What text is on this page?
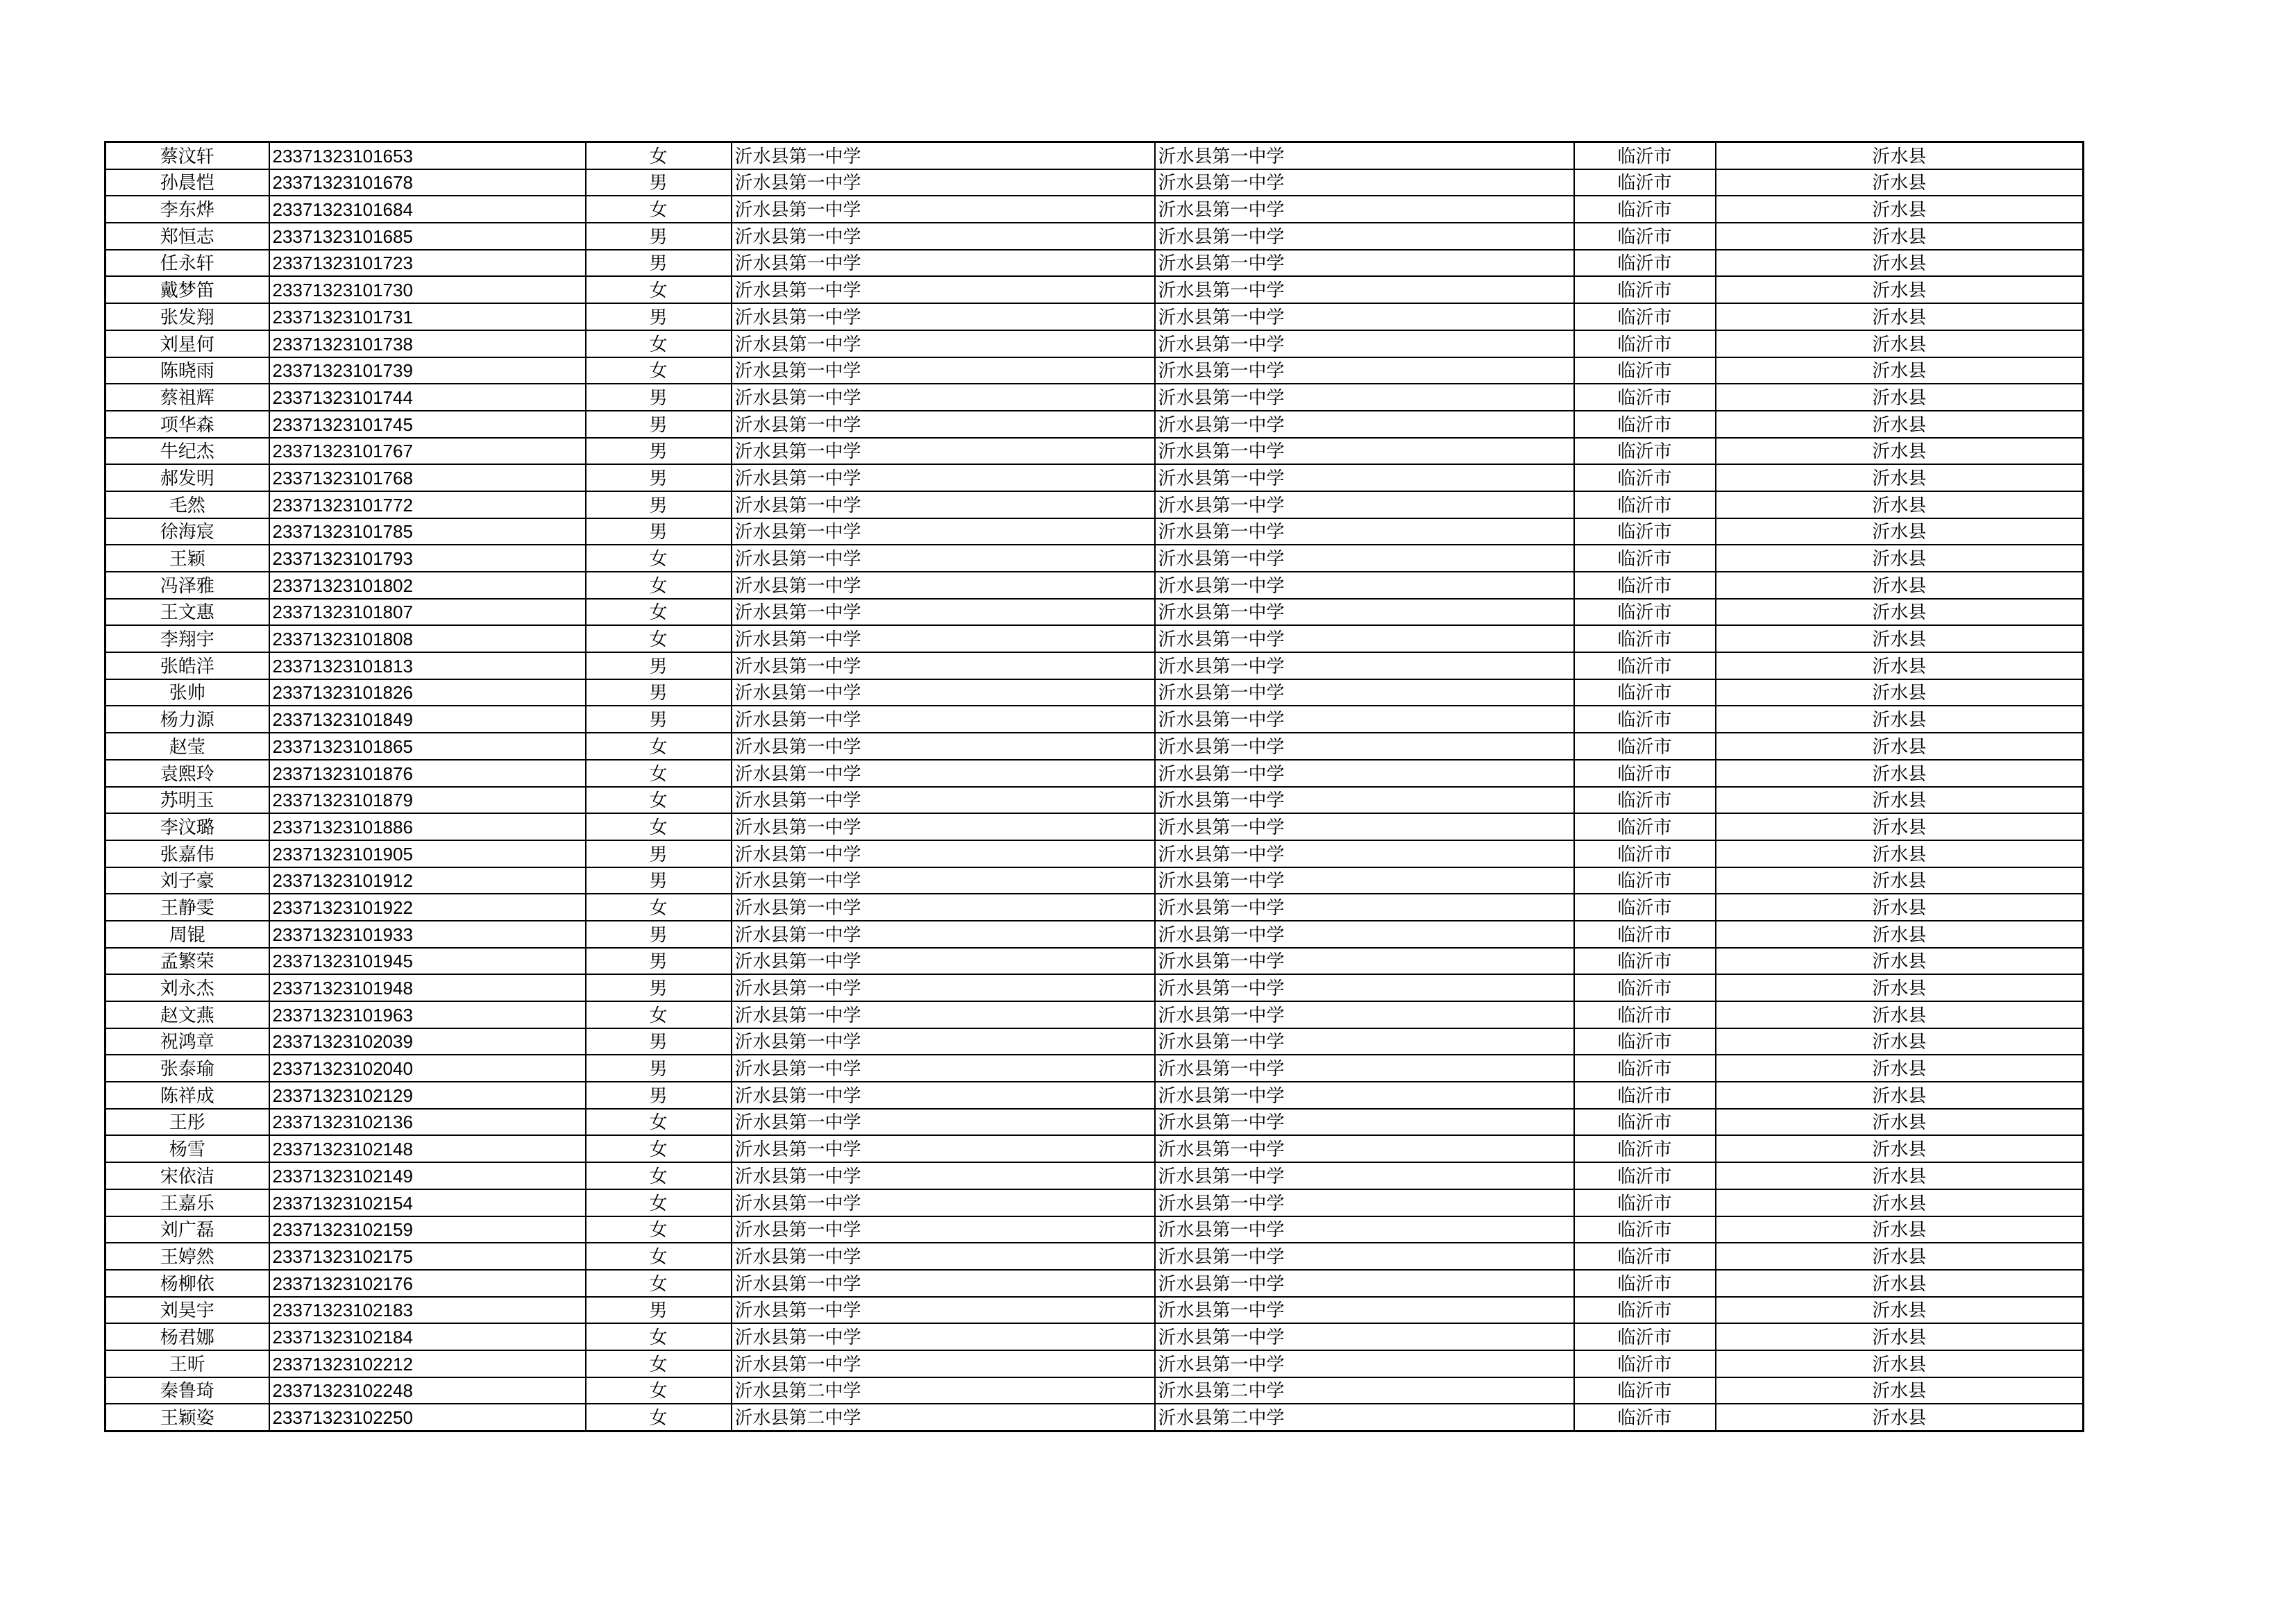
蔡汶轩	23371323101653	女	沂水县第一中学	沂水县第一中学	临沂市	沂水县
孙晨恺	23371323101678	男	沂水县第一中学	沂水县第一中学	临沂市	沂水县
李东烨	23371323101684	女	沂水县第一中学	沂水县第一中学	临沂市	沂水县
郑恒志	23371323101685	男	沂水县第一中学	沂水县第一中学	临沂市	沂水县
任永轩	23371323101723	男	沂水县第一中学	沂水县第一中学	临沂市	沂水县
戴梦笛	23371323101730	女	沂水县第一中学	沂水县第一中学	临沂市	沂水县
张发翔	23371323101731	男	沂水县第一中学	沂水县第一中学	临沂市	沂水县
刘星何	23371323101738	女	沂水县第一中学	沂水县第一中学	临沂市	沂水县
陈晓雨	23371323101739	女	沂水县第一中学	沂水县第一中学	临沂市	沂水县
蔡祖辉	23371323101744	男	沂水县第一中学	沂水县第一中学	临沂市	沂水县
项华森	23371323101745	男	沂水县第一中学	沂水县第一中学	临沂市	沂水县
牛纪杰	23371323101767	男	沂水县第一中学	沂水县第一中学	临沂市	沂水县
郝发明	23371323101768	男	沂水县第一中学	沂水县第一中学	临沂市	沂水县
毛然	23371323101772	男	沂水县第一中学	沂水县第一中学	临沂市	沂水县
徐海宸	23371323101785	男	沂水县第一中学	沂水县第一中学	临沂市	沂水县
王颖	23371323101793	女	沂水县第一中学	沂水县第一中学	临沂市	沂水县
冯泽雅	23371323101802	女	沂水县第一中学	沂水县第一中学	临沂市	沂水县
王文惠	23371323101807	女	沂水县第一中学	沂水县第一中学	临沂市	沂水县
李翔宇	23371323101808	女	沂水县第一中学	沂水县第一中学	临沂市	沂水县
张皓洋	23371323101813	男	沂水县第一中学	沂水县第一中学	临沂市	沂水县
张帅	23371323101826	男	沂水县第一中学	沂水县第一中学	临沂市	沂水县
杨力源	23371323101849	男	沂水县第一中学	沂水县第一中学	临沂市	沂水县
赵莹	23371323101865	女	沂水县第一中学	沂水县第一中学	临沂市	沂水县
袁熙玲	23371323101876	女	沂水县第一中学	沂水县第一中学	临沂市	沂水县
苏明玉	23371323101879	女	沂水县第一中学	沂水县第一中学	临沂市	沂水县
李汶璐	23371323101886	女	沂水县第一中学	沂水县第一中学	临沂市	沂水县
张嘉伟	23371323101905	男	沂水县第一中学	沂水县第一中学	临沂市	沂水县
刘子豪	23371323101912	男	沂水县第一中学	沂水县第一中学	临沂市	沂水县
王静雯	23371323101922	女	沂水县第一中学	沂水县第一中学	临沂市	沂水县
周锟	23371323101933	男	沂水县第一中学	沂水县第一中学	临沂市	沂水县
孟繁荣	23371323101945	男	沂水县第一中学	沂水县第一中学	临沂市	沂水县
刘永杰	23371323101948	男	沂水县第一中学	沂水县第一中学	临沂市	沂水县
赵文燕	23371323101963	女	沂水县第一中学	沂水县第一中学	临沂市	沂水县
祝鸿章	23371323102039	男	沂水县第一中学	沂水县第一中学	临沂市	沂水县
张泰瑜	23371323102040	男	沂水县第一中学	沂水县第一中学	临沂市	沂水县
陈祥成	23371323102129	男	沂水县第一中学	沂水县第一中学	临沂市	沂水县
王彤	23371323102136	女	沂水县第一中学	沂水县第一中学	临沂市	沂水县
杨雪	23371323102148	女	沂水县第一中学	沂水县第一中学	临沂市	沂水县
宋依洁	23371323102149	女	沂水县第一中学	沂水县第一中学	临沂市	沂水县
王嘉乐	23371323102154	女	沂水县第一中学	沂水县第一中学	临沂市	沂水县
刘广磊	23371323102159	女	沂水县第一中学	沂水县第一中学	临沂市	沂水县
王婷然	23371323102175	女	沂水县第一中学	沂水县第一中学	临沂市	沂水县
杨柳依	23371323102176	女	沂水县第一中学	沂水县第一中学	临沂市	沂水县
刘昊宇	23371323102183	男	沂水县第一中学	沂水县第一中学	临沂市	沂水县
杨君娜	23371323102184	女	沂水县第一中学	沂水县第一中学	临沂市	沂水县
王昕	23371323102212	女	沂水县第一中学	沂水县第一中学	临沂市	沂水县
秦鲁琦	23371323102248	女	沂水县第二中学	沂水县第二中学	临沂市	沂水县
王颖姿	23371323102250	女	沂水县第二中学	沂水县第二中学	临沂市	沂水县
